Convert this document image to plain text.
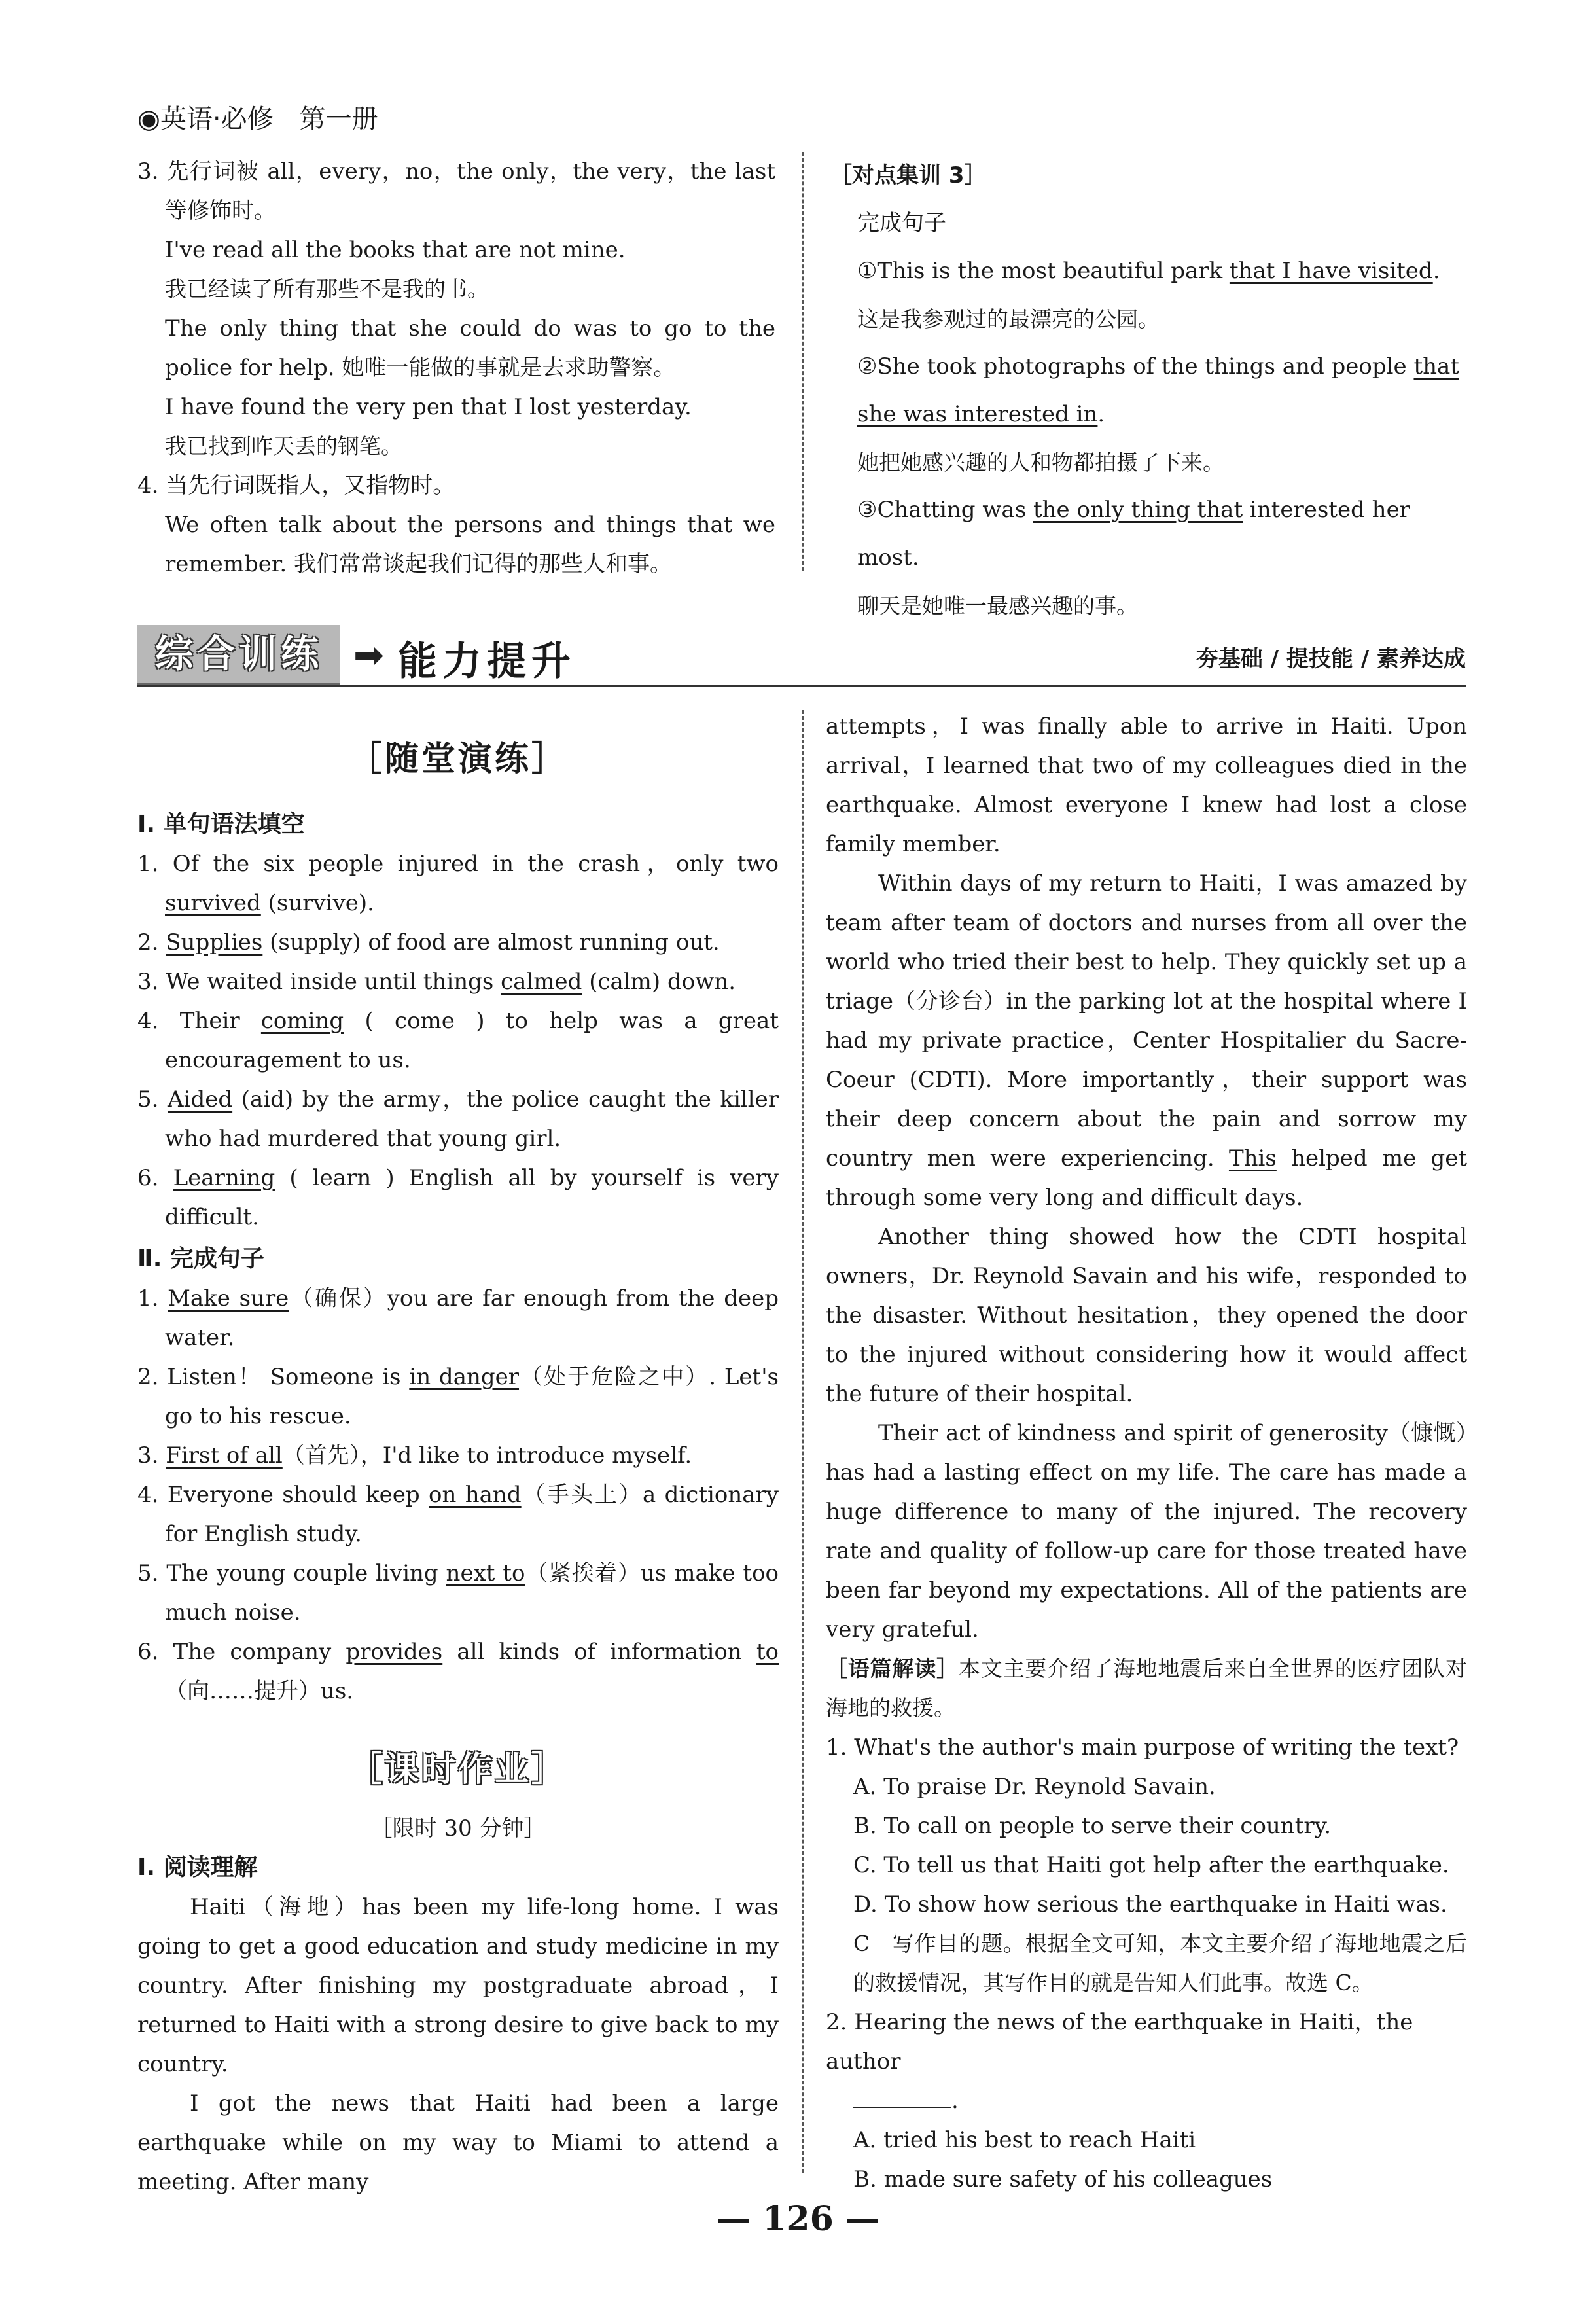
◉英语·必修　第一册
3. 先行词被 all，every，no，the only，the very，the last 等修饰时。
I've read all the books that are not mine.
我已经读了所有那些不是我的书。
The only thing that she could do was to go to the police for help. 她唯一能做的事就是去求助警察。
I have found the very pen that I lost yesterday.
我已找到昨天丢的钢笔。
4. 当先行词既指人，又指物时。
We often talk about the persons and things that we remember. 我们常常谈起我们记得的那些人和事。
［对点集训 3］
完成句子
①This is the most beautiful park that I have visited.
这是我参观过的最漂亮的公园。
②She took photographs of the things and people that she was interested in.
她把她感兴趣的人和物都拍摄了下来。
③Chatting was the only thing that interested her most.
聊天是她唯一最感兴趣的事。
综合训练 ➡ 能力提升	夯基础 / 提技能 / 素养达成
［随堂演练］
Ⅰ. 单句语法填空
1. Of the six people injured in the crash，only two survived (survive).
2. Supplies (supply) of food are almost running out.
3. We waited inside until things calmed (calm) down.
4. Their coming ( come ) to help was a great encouragement to us.
5. Aided (aid) by the army，the police caught the killer who had murdered that young girl.
6. Learning ( learn ) English all by yourself is very difficult.
Ⅱ. 完成句子
1. Make sure（确保）you are far enough from the deep water.
2. Listen！ Someone is in danger（处于危险之中）. Let's go to his rescue.
3. First of all（首先），I'd like to introduce myself.
4. Everyone should keep on hand（手头上）a dictionary for English study.
5. The young couple living next to（紧挨着）us make too much noise.
6. The company provides all kinds of information to（向……提升）us.
［课时作业］
［限时 30 分钟］
Ⅰ. 阅读理解
Haiti（海地）has been my life-long home. I was going to get a good education and study medicine in my country. After finishing my postgraduate abroad，I returned to Haiti with a strong desire to give back to my country.
I got the news that Haiti had been a large earthquake while on my way to Miami to attend a meeting. After many
attempts，I was finally able to arrive in Haiti. Upon arrival，I learned that two of my colleagues died in the earthquake. Almost everyone I knew had lost a close family member.
Within days of my return to Haiti，I was amazed by team after team of doctors and nurses from all over the world who tried their best to help. They quickly set up a triage（分诊台）in the parking lot at the hospital where I had my private practice，Center Hospitalier du Sacre-Coeur (CDTI). More importantly，their support was their deep concern about the pain and sorrow my country men were experiencing. This helped me get through some very long and difficult days.
Another thing showed how the CDTI hospital owners，Dr. Reynold Savain and his wife，responded to the disaster. Without hesitation，they opened the door to the injured without considering how it would affect the future of their hospital.
Their act of kindness and spirit of generosity（慷慨）has had a lasting effect on my life. The care has made a huge difference to many of the injured. The recovery rate and quality of follow-up care for those treated have been far beyond my expectations. All of the patients are very grateful.
［语篇解读］本文主要介绍了海地地震后来自全世界的医疗团队对海地的救援。
1. What's the author's main purpose of writing the text?
A. To praise Dr. Reynold Savain.
B. To call on people to serve their country.
C. To tell us that Haiti got help after the earthquake.
D. To show how serious the earthquake in Haiti was.
C　写作目的题。根据全文可知，本文主要介绍了海地地震之后的救援情况，其写作目的就是告知人们此事。故选 C。
2. Hearing the news of the earthquake in Haiti，the author
.
A. tried his best to reach Haiti
B. made sure safety of his colleagues
— 126 —
